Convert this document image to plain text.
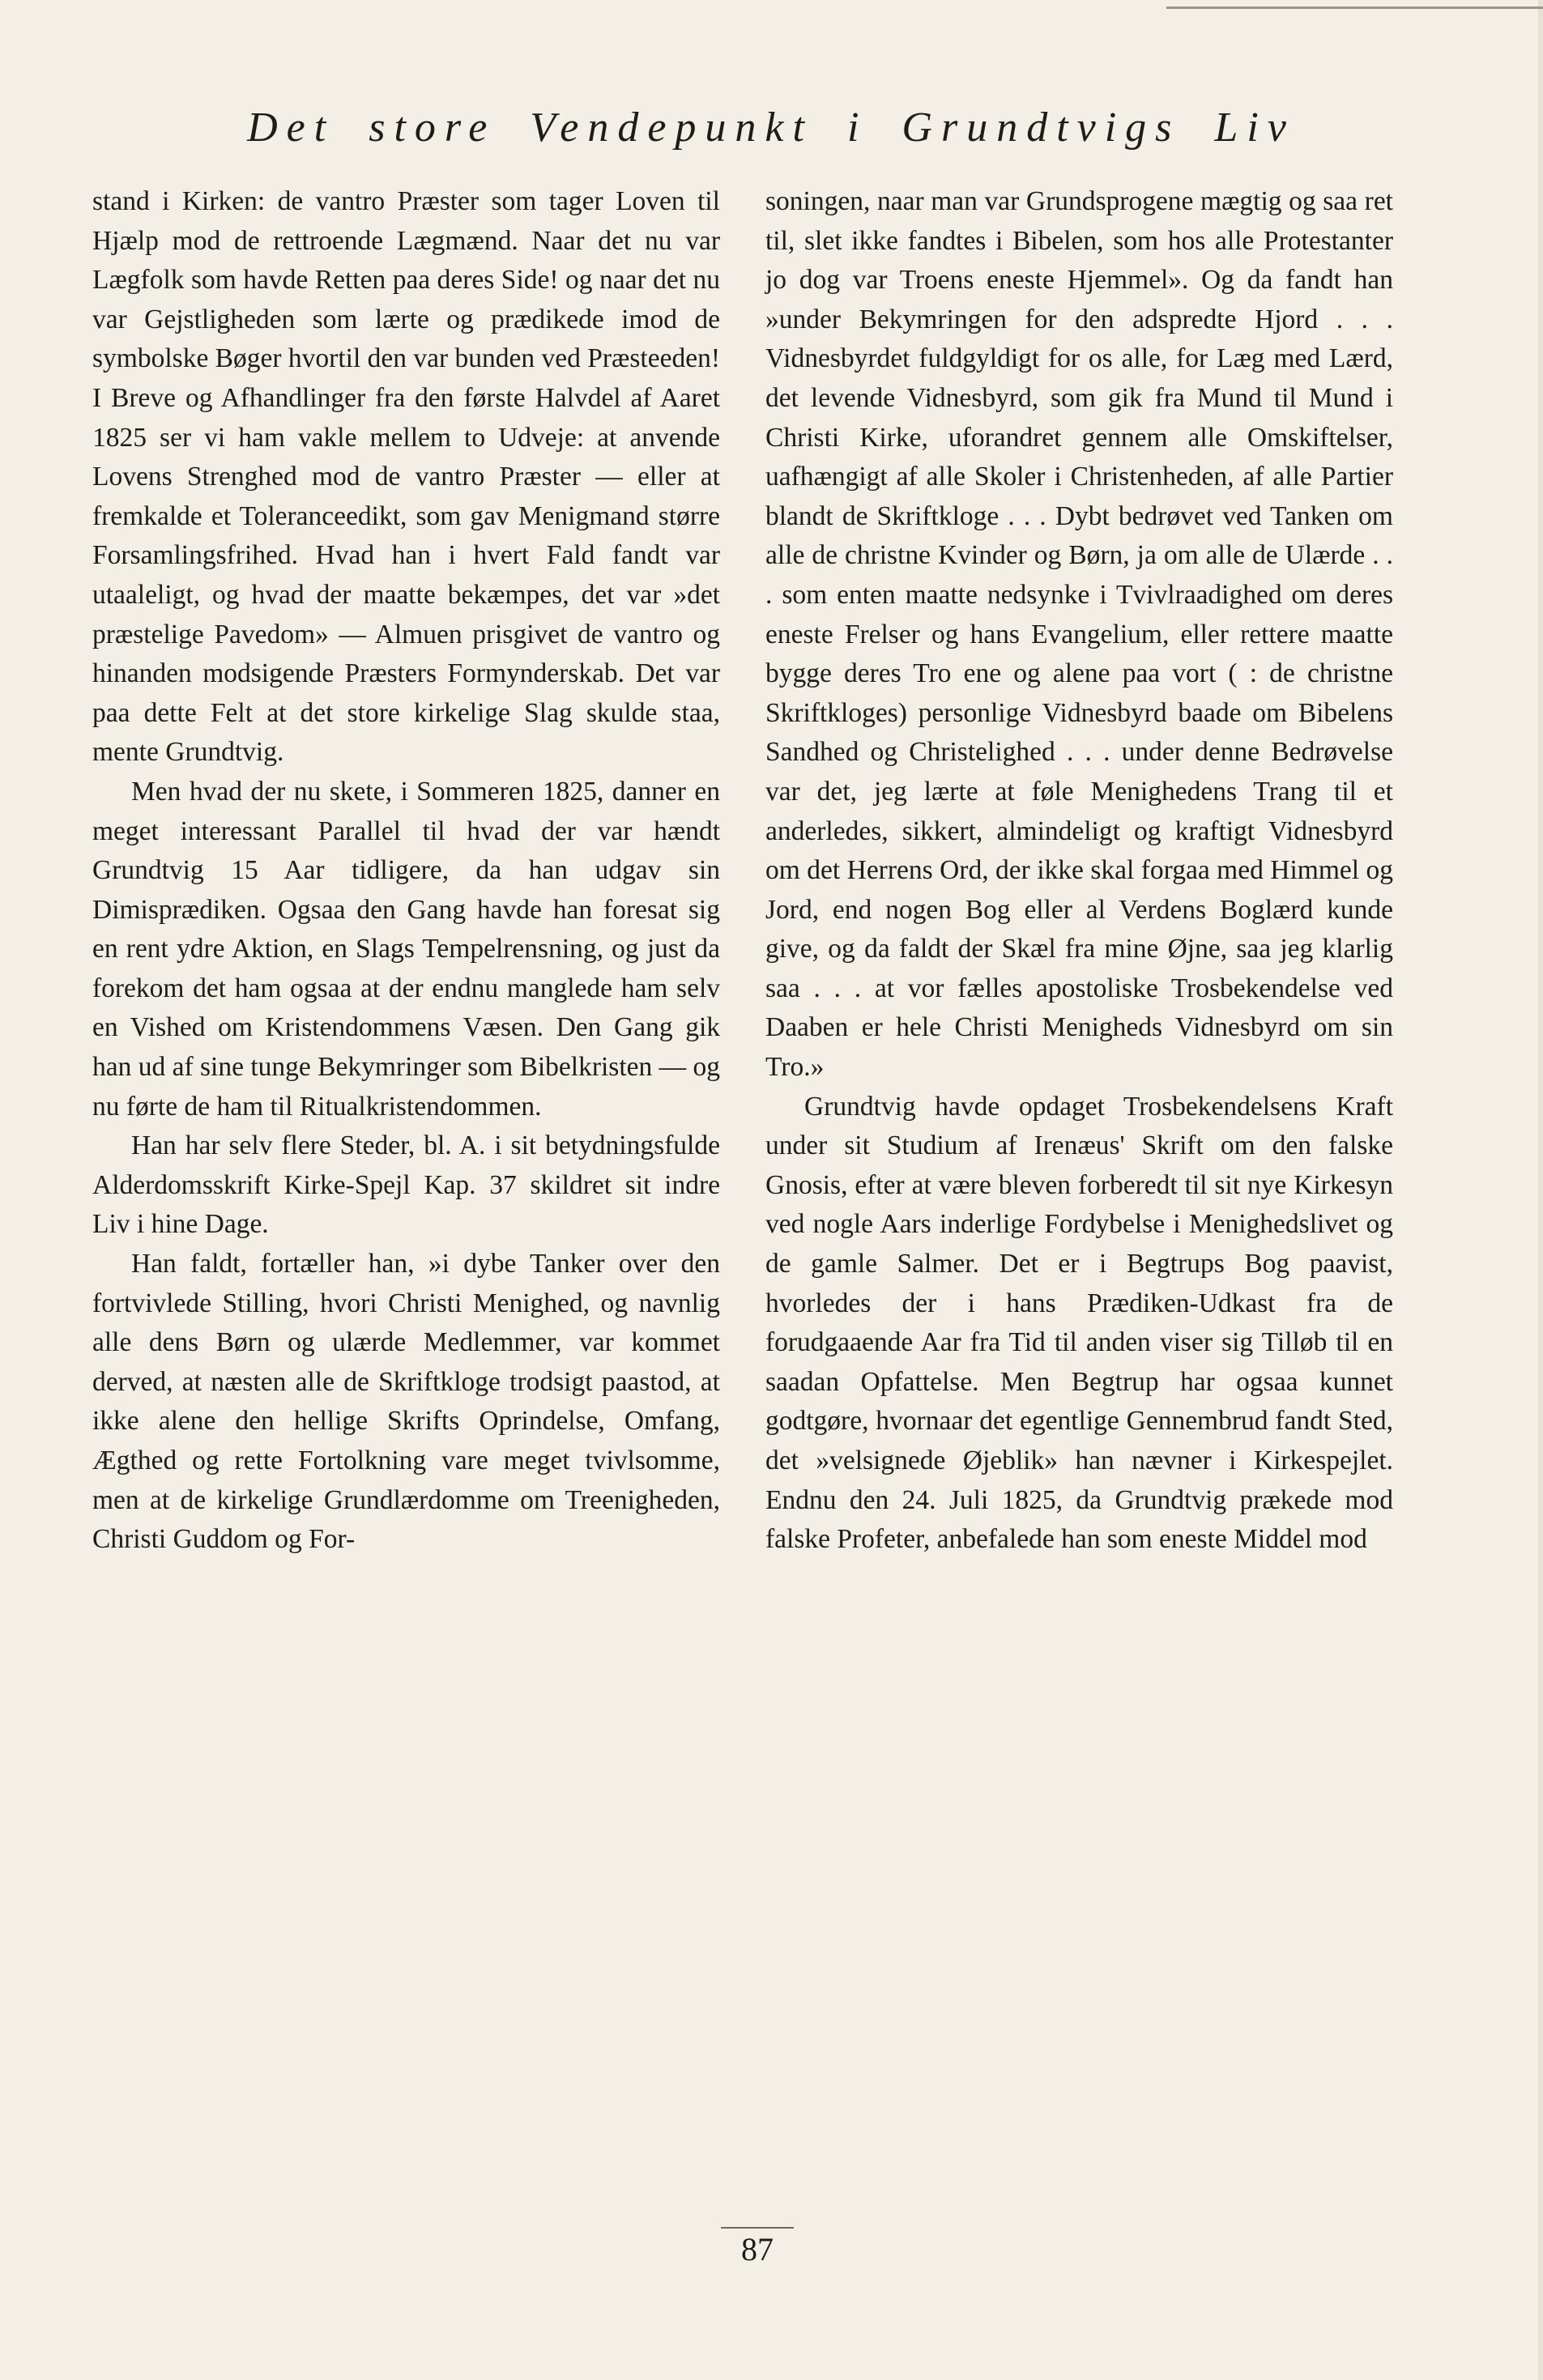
Det store Vendepunkt i Grundtvigs Liv

stand i Kirken: de vantro Præster som tager Loven til Hjælp mod de rettroende Lægmænd. Naar det nu var Lægfolk som havde Retten paa deres Side! og naar det nu var Gejstligheden som lærte og prædikede imod de symbolske Bøger hvortil den var bunden ved Præsteeden! I Breve og Afhandlinger fra den første Halvdel af Aaret 1825 ser vi ham vakle mellem to Udveje: at anvende Lovens Strenghed mod de vantro Præster — eller at fremkalde et Toleranceedikt, som gav Menigmand større Forsamlingsfrihed. Hvad han i hvert Fald fandt var utaaleligt, og hvad der maatte bekæmpes, det var »det præstelige Pavedom» — Almuen prisgivet de vantro og hinanden modsigende Præsters Formynderskab. Det var paa dette Felt at det store kirkelige Slag skulde staa, mente Grundtvig.

Men hvad der nu skete, i Sommeren 1825, danner en meget interessant Parallel til hvad der var hændt Grundtvig 15 Aar tidligere, da han udgav sin Dimisprædiken. Ogsaa den Gang havde han foresat sig en rent ydre Aktion, en Slags Tempelrensning, og just da forekom det ham ogsaa at der endnu manglede ham selv en Vished om Kristendommens Væsen. Den Gang gik han ud af sine tunge Bekymringer som Bibelkristen — og nu førte de ham til Ritualkristendommen.

Han har selv flere Steder, bl. A. i sit betydningsfulde Alderdomsskrift Kirke-Spejl Kap. 37 skildret sit indre Liv i hine Dage.

Han faldt, fortæller han, »i dybe Tanker over den fortvivlede Stilling, hvori Christi Menighed, og navnlig alle dens Børn og ulærde Medlemmer, var kommet derved, at næsten alle de Skriftkloge trodsigt paastod, at ikke alene den hellige Skrifts Oprindelse, Omfang, Ægthed og rette Fortolkning vare meget tvivlsomme, men at de kirkelige Grundlærdomme om Treenigheden, Christi Guddom og For-

soningen, naar man var Grundsprogene mægtig og saa ret til, slet ikke fandtes i Bibelen, som hos alle Protestanter jo dog var Troens eneste Hjemmel». Og da fandt han »under Bekymringen for den adspredte Hjord . . . Vidnesbyrdet fuldgyldigt for os alle, for Læg med Lærd, det levende Vidnesbyrd, som gik fra Mund til Mund i Christi Kirke, uforandret gennem alle Omskiftelser, uafhængigt af alle Skoler i Christenheden, af alle Partier blandt de Skriftkloge . . . Dybt bedrøvet ved Tanken om alle de christne Kvinder og Børn, ja om alle de Ulærde . . . som enten maatte nedsynke i Tvivlraadighed om deres eneste Frelser og hans Evangelium, eller rettere maatte bygge deres Tro ene og alene paa vort ( : de christne Skriftkloges) personlige Vidnesbyrd baade om Bibelens Sandhed og Christelighed . . . under denne Bedrøvelse var det, jeg lærte at føle Menighedens Trang til et anderledes, sikkert, almindeligt og kraftigt Vidnesbyrd om det Herrens Ord, der ikke skal forgaa med Himmel og Jord, end nogen Bog eller al Verdens Boglærd kunde give, og da faldt der Skæl fra mine Øjne, saa jeg klarlig saa . . . at vor fælles apostoliske Trosbekendelse ved Daaben er hele Christi Menigheds Vidnesbyrd om sin Tro.»

Grundtvig havde opdaget Trosbekendelsens Kraft under sit Studium af Irenæus' Skrift om den falske Gnosis, efter at være bleven forberedt til sit nye Kirkesyn ved nogle Aars inderlige Fordybelse i Menighedslivet og de gamle Salmer. Det er i Begtrups Bog paavist, hvorledes der i hans Prædiken-Udkast fra de forudgaaende Aar fra Tid til anden viser sig Tilløb til en saadan Opfattelse. Men Begtrup har ogsaa kunnet godtgøre, hvornaar det egentlige Gennembrud fandt Sted, det »velsignede Øjeblik» han nævner i Kirkespejlet. Endnu den 24. Juli 1825, da Grundtvig prækede mod falske Profeter, anbefalede han som eneste Middel mod

87
